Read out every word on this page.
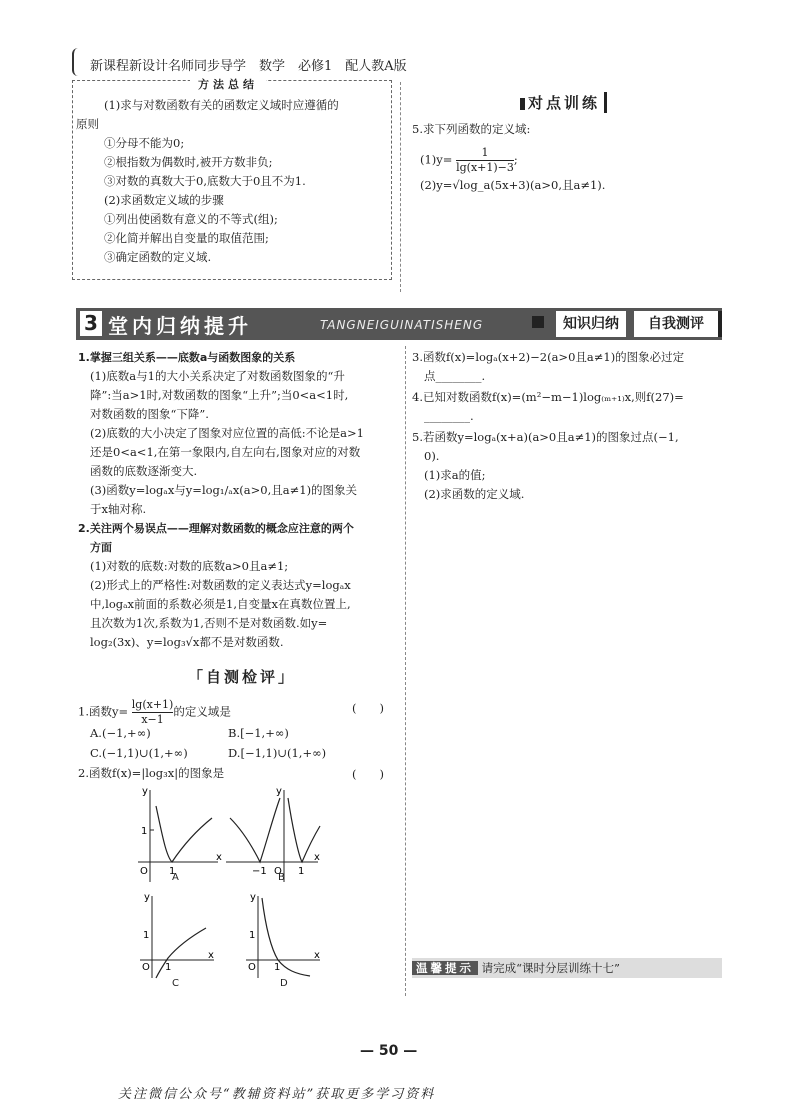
新课程新设计名师同步导学　数学　必修1　配人教A版
方法总结
(1)求与对数函数有关的函数定义域时应遵循的
原则
①分母不能为0;
②根指数为偶数时,被开方数非负;
③对数的真数大于0,底数大于0且不为1.
(2)求函数定义域的步骤
①列出使函数有意义的不等式(组);
②化简并解出自变量的取值范围;
③确定函数的定义域.
对点训练
5.求下列函数的定义域:
$(1)y= \frac{1}{\lg(x+1)-3}$ ;
(2)y=√log_a(5x+3)(a>0,且a≠1).
3 堂内归纳提升	TANGNEIGUINATISHENG	知识归纳	自我测评
1.掌握三组关系——底数a与函数图象的关系
(1)底数a与1的大小关系决定了对数函数图象的“升
降”:当a>1时,对数函数的图象“上升”;当0<a<1时,
对数函数的图象“下降”.
(2)底数的大小决定了图象对应位置的高低:不论是a>1
还是0<a<1,在第一象限内,自左向右,图象对应的对数
函数的底数逐渐变大.
(3)函数y=logₐx与y=log₁/ₐx(a>0,且a≠1)的图象关
于x轴对称.
2.关注两个易误点——理解对数函数的概念应注意的两个
方面
(1)对数的底数:对数的底数a>0且a≠1;
(2)形式上的严格性:对数函数的定义表达式y=logₐx
中,logₐx前面的系数必须是1,自变量x在真数位置上,
且次数为1次,系数为1,否则不是对数函数.如y=
log₂(3x)、y=log₃√x都不是对数函数.
「自测检评」
1.函数$y= \frac{\lg(x+1)}{x-1}$ 的定义域是	(　　)
A.(−1,+∞)	B.[−1,+∞)
C.(−1,1)∪(1,+∞)	D.[−1,1)∪(1,+∞)
2.函数f(x)=|log₃x|的图象是	(　　)
y
x
O 1
1
A
y
x
O
−1	1
B
y
x
O 1
1
C
y
x
O 1
1
D
3.函数f(x)=logₐ(x+2)−2(a>0且a≠1)的图象必过定
点________.
4.已知对数函数f(x)=(m²−m−1)log₍ₘ₊₁₎x,则f(27)=
________.
5.若函数y=logₐ(x+a)(a>0且a≠1)的图象过点(−1,
0).
(1)求a的值;
(2)求函数的定义域.
温馨提示 请完成“课时分层训练十七”
— 50 —
关注微信公众号“教辅资料站”获取更多学习资料
